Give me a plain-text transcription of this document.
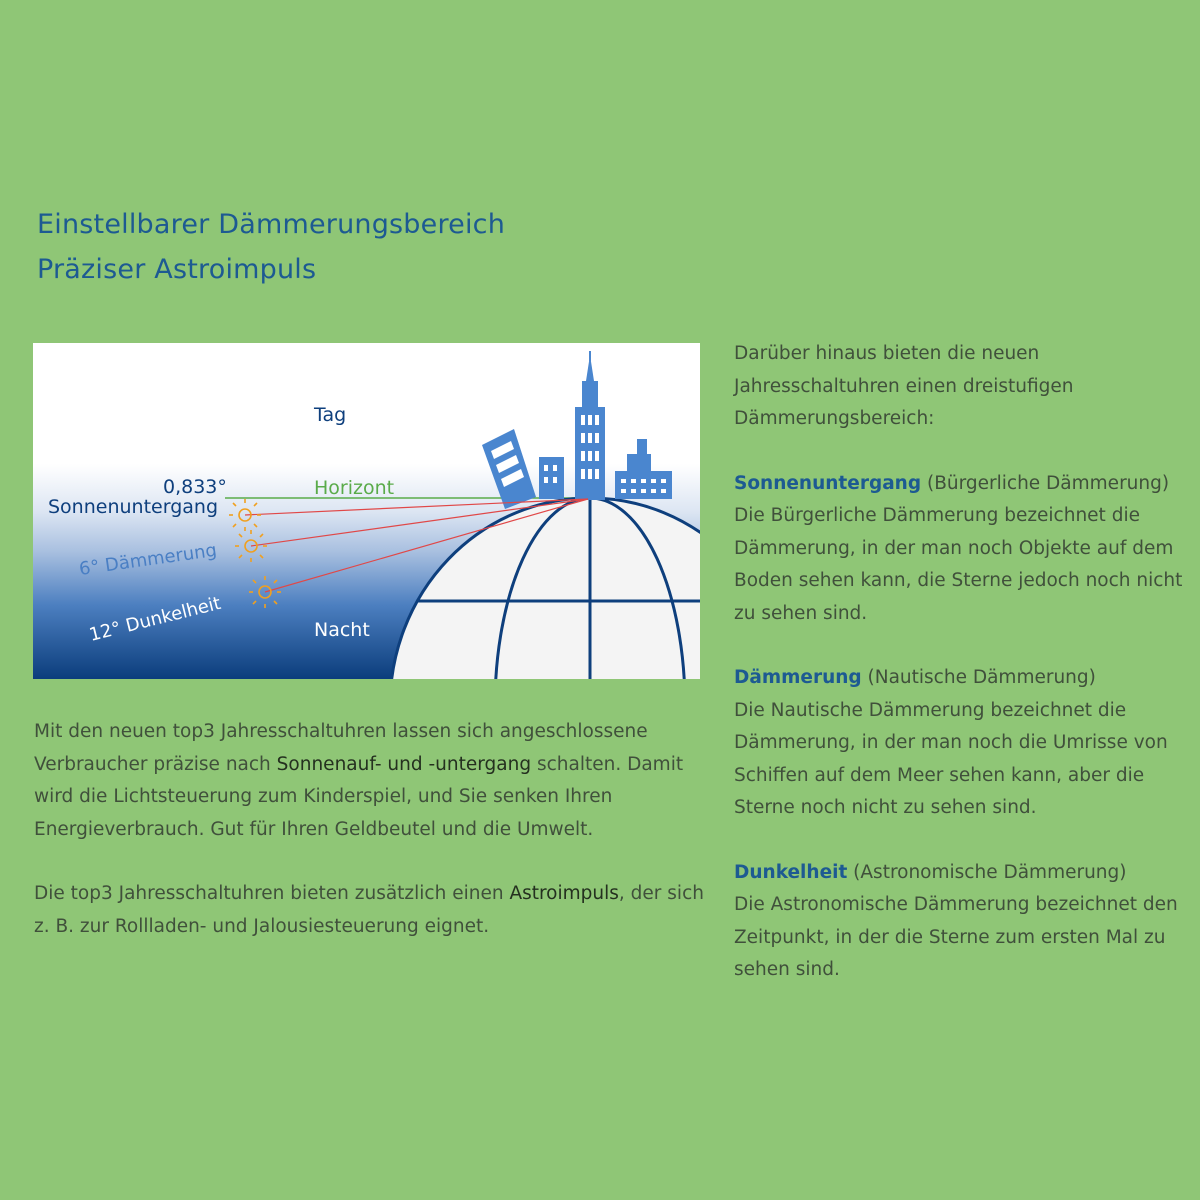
Einstellbarer Dämmerungsbereich
Präziser Astroimpuls
Tag
Horizont
0,833°
Sonnenuntergang
6° Dämmerung
12° Dunkelheit	Nacht

Mit den neuen top3 Jahresschaltuhren lassen sich angeschlossene Verbraucher präzise nach Sonnenauf- und -untergang schalten. Damit wird die Lichtsteuerung zum Kinderspiel, und Sie senken Ihren Energieverbrauch. Gut für Ihren Geldbeutel und die Umwelt.

Die top3 Jahresschaltuhren bieten zusätzlich einen Astroimpuls, der sich z. B. zur Rollladen- und Jalousiesteuerung eignet.

Darüber hinaus bieten die neuen Jahresschaltuhren einen dreistufigen Dämmerungsbereich:

Sonnenuntergang (Bürgerliche Dämmerung)
Die Bürgerliche Dämmerung bezeichnet die Dämmerung, in der man noch Objekte auf dem Boden sehen kann, die Sterne jedoch noch nicht zu sehen sind.

Dämmerung (Nautische Dämmerung)
Die Nautische Dämmerung bezeichnet die Dämmerung, in der man noch die Umrisse von Schiffen auf dem Meer sehen kann, aber die Sterne noch nicht zu sehen sind.

Dunkelheit (Astronomische Dämmerung)
Die Astronomische Dämmerung bezeichnet den Zeitpunkt, in der die Sterne zum ersten Mal zu sehen sind.
